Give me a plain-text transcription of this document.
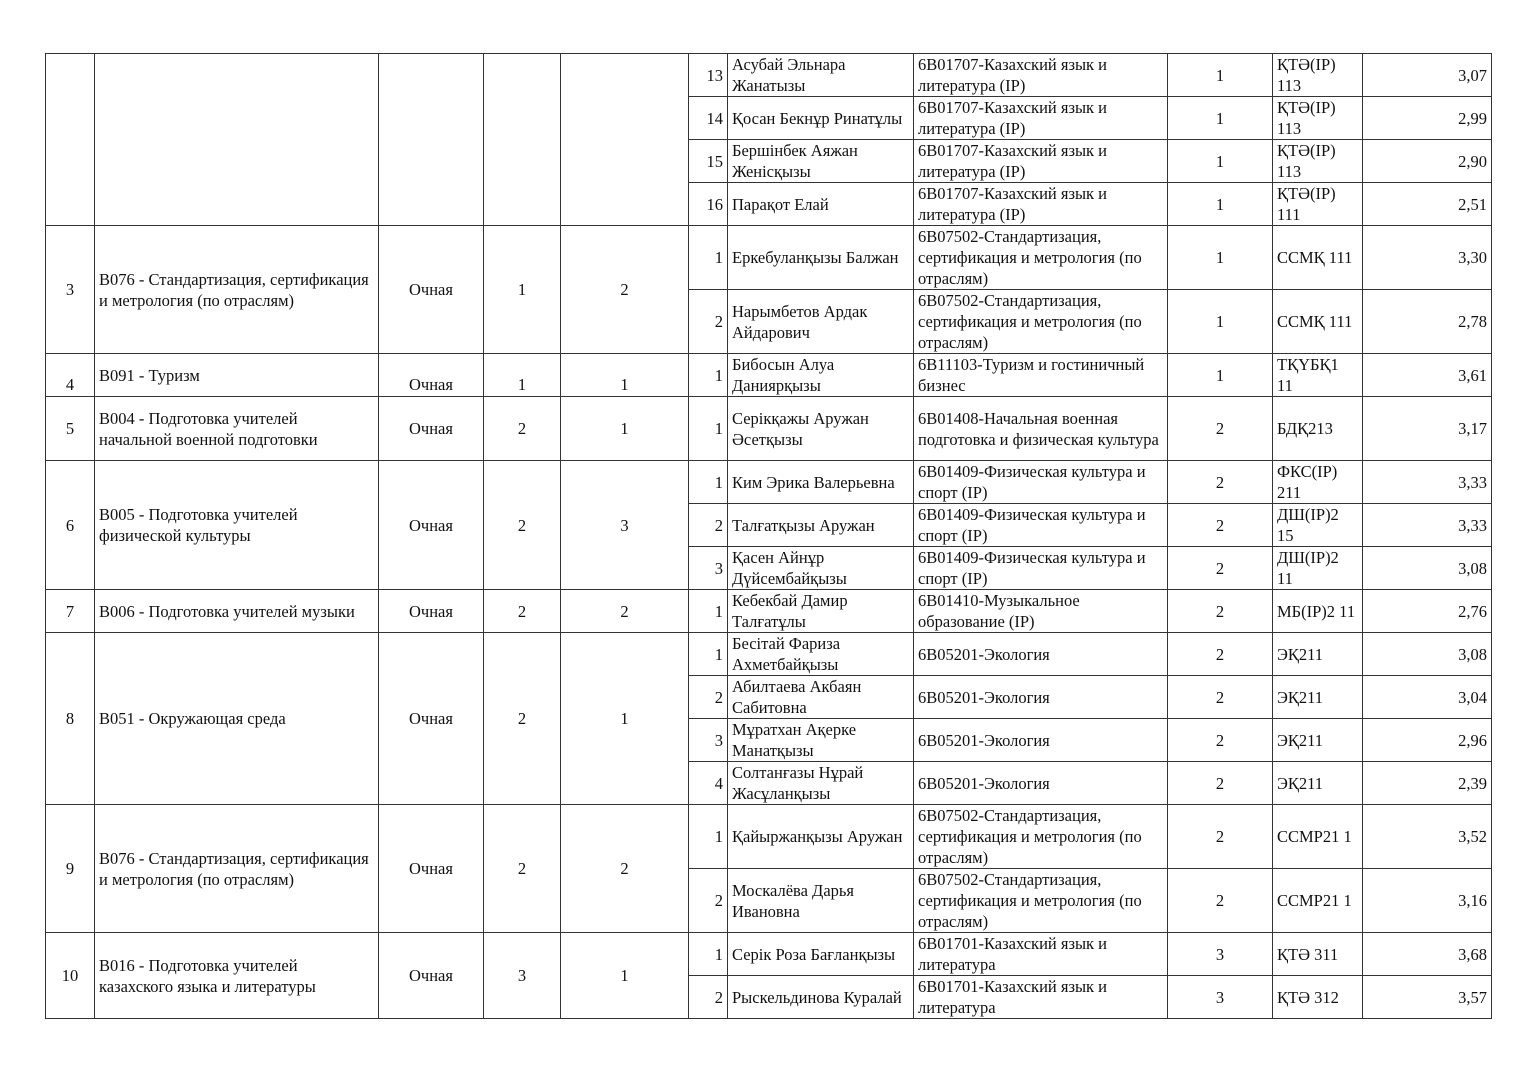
					13	Асубай Эльнара Жанатызы	6B01707-Казахский язык и литература (IP)	1	ҚТӘ(IP) 113	3,07
					14	Қосан Бекнұр Ринатұлы	6B01707-Казахский язык и литература (IP)	1	ҚТӘ(IP) 113	2,99
					15	Бершінбек Аяжан Женісқызы	6B01707-Казахский язык и литература (IP)	1	ҚТӘ(IP) 113	2,90
					16	Парақот Елай	6B01707-Казахский язык и литература (IP)	1	ҚТӘ(IP) 111	2,51
3	B076 - Стандартизация, сертификация и метрология (по отраслям)	Очная	1	2	1	Еркебуланқызы Балжан	6B07502-Стандартизация, сертификация и метрология (по отраслям)	1	ССМҚ 111	3,30
					2	Нарымбетов Ардак Айдарович	6B07502-Стандартизация, сертификация и метрология (по отраслям)	1	ССМҚ 111	2,78
4	B091 - Туризм	Очная	1	1	1	Бибосын Алуа Даниярқызы	6B11103-Туризм и гостиничный бизнес	1	ТҚҮБҚ1 11	3,61
5	B004 - Подготовка учителей начальной военной подготовки	Очная	2	1	1	Серікқажы Аружан Әсетқызы	6B01408-Начальная военная подготовка и физическая культура	2	БДҚ213	3,17
6	B005 - Подготовка учителей физической культуры	Очная	2	3	1	Ким Эрика Валерьевна	6B01409-Физическая культура и спорт (IP)	2	ФКС(IP) 211	3,33
					2	Талғатқызы Аружан	6B01409-Физическая культура и спорт (IP)	2	ДШ(IP)2 15	3,33
					3	Қасен Айнұр Дүйсембайқызы	6B01409-Физическая культура и спорт (IP)	2	ДШ(IP)2 11	3,08
7	B006 - Подготовка учителей музыки	Очная	2	2	1	Кебекбай Дамир Талғатұлы	6B01410-Музыкальное образование (IP)	2	МБ(IP)2 11	2,76
8	B051 - Окружающая среда	Очная	2	1	1	Бесітай Фариза Ахметбайқызы	6B05201-Экология	2	ЭҚ211	3,08
					2	Абилтаева Акбаян Сабитовна	6B05201-Экология	2	ЭҚ211	3,04
					3	Мұратхан Ақерке Манатқызы	6B05201-Экология	2	ЭҚ211	2,96
					4	Солтанғазы Нұрай Жасұланқызы	6B05201-Экология	2	ЭҚ211	2,39
9	B076 - Стандартизация, сертификация и метрология (по отраслям)	Очная	2	2	1	Қайыржанқызы Аружан	6B07502-Стандартизация, сертификация и метрология (по отраслям)	2	ССМР21 1	3,52
					2	Москалёва Дарья Ивановна	6B07502-Стандартизация, сертификация и метрология (по отраслям)	2	ССМР21 1	3,16
10	B016 - Подготовка учителей казахского языка и литературы	Очная	3	1	1	Серік Роза Бағланқызы	6B01701-Казахский язык и литература	3	ҚТӘ 311	3,68
					2	Рыскельдинова Куралай	6B01701-Казахский язык и литература	3	ҚТӘ 312	3,57
